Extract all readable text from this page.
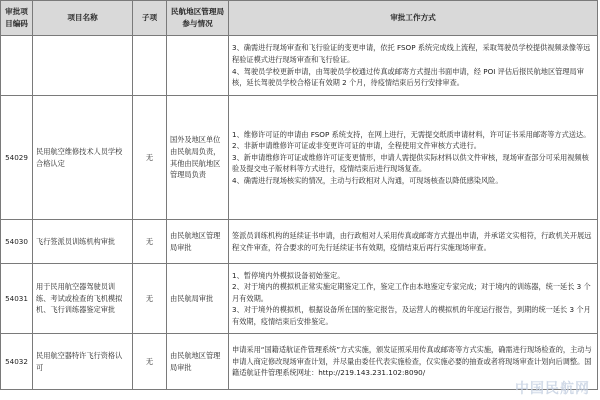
审批项目编码	项目名称	子项	民航地区管理局参与情况	审批工作方式

				3、确需进行现场审查和飞行验证的变更申请，依托 FSOP 系统完成线上流程，采取驾驶员学校提供视频录像等远程验证模式进行现场审查和飞行验证。
4、驾驶员学校更新申请，由驾驶员学校通过传真或邮寄方式提出书面申请，经 POI 评估后报民航地区管理局审核，延长驾驶员学校合格证有效期 2 个月，待疫情结束后另行安排审查。

54029	民用航空维修技术人员学校合格认定	无	国外及地区单位由民航局负责，其他由民航地区管理局负责	1、维修许可证的申请由 FSOP 系统支持，在网上进行，无需提交纸质申请材料，许可证书采用邮寄等方式送达。
2、非新申请维修许可证或非变更许可证的申请，全程使用文件审核方式进行。
3、新申请维修许可证或维修许可证变更情形，申请人需提供实际材料以供文件审核，现场审查部分可采用视频核验及提交电子版材料等方式进行，疫情结束后进行现场复查。
4、确需进行现场核实的情况，主动与行政相对人沟通，可现场核查以降低感染风险。

54030	飞行签派员训练机构审批	无	由民航地区管理局审批	签派员训练机构的延续证书申请，由行政相对人采用传真或邮寄方式提出申请，并承诺文实相符，行政机关开展远程文件审查，符合要求的可先行延续证书有效期，疫情结束后再行实施现场审查。

54031	用于民用航空器驾驶员训练、考试或检查的飞机模拟机、飞行训练器鉴定审批	无	由民航局审批	1、暂停境内外模拟设备初始鉴定。
2、对于境内的模拟机正常实施定期鉴定工作，鉴定工作由本地鉴定专家完成；对于境内的训练器，统一延长 3 个月有效期。
3、对于境外的模拟机，根据设备所在国的鉴定报告，及运营人的模拟机的年度运行报告，到期的统一延长 3 个月有效期，疫情结束后安排鉴定。

54032	民用航空器特许飞行资格认可	无	由民航地区管理局审批	申请采用“国籍适航证件管理系统”方式实施，颁发证照采用传真或邮寄等方式实施，确需进行现场检查的，主动与申请人商定修改现场审查计划，并尽量由委任代表实施检查，仅实施必要的抽查或者将现场审查计划向后调整。国籍适航证件管理系统网址：http://219.143.231.102:8090/
中国民航网
